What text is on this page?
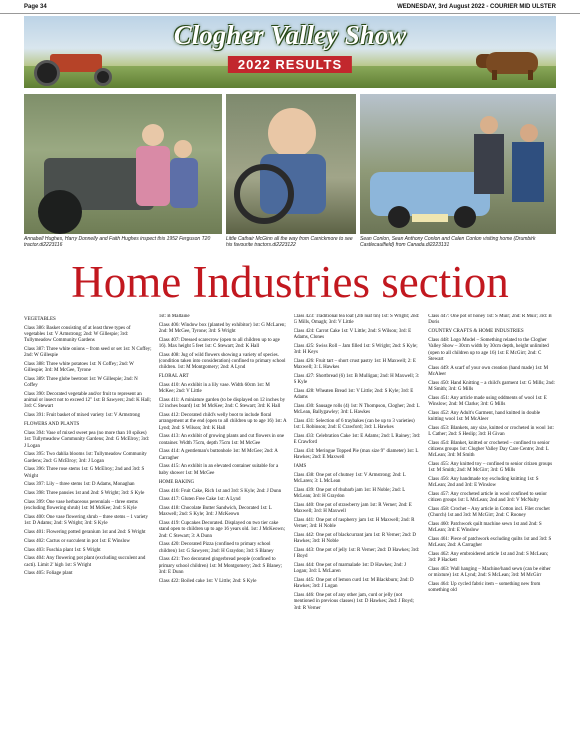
Page 34	WEDNESDAY, 3rd August 2022 - COURIER MID ULSTER
Clogher Valley Show
2022 RESULTS
Annabell Hughes, Harry Donnelly and Faith Hughes inspect this 1952 Ferguson T20 tractor.di2223116
Little Cathair McGinn all the way from Carrickmore to see his favourite tractors.di2223122
Sean Conlon, Sean Anthony Conlon and Calen Conlon visiting home (Drumbirk Castlecaulfield) from Canada.di2223131
Home Industries section

VEGETABLES

Class 386: Basket consisting of at least three types of vegetables 1st: V Armstrong; 2nd: W Gillespie; 3rd: Tullymeadow Community Gardens

Class 387: Three white onions – from seed or set 1st: N Coffey; 2nd: W Gillespie

Class 388: Three white potatoes 1st: N Coffey; 2nd: W Gillespie; 3rd: M McGee, Tyrone

Class 389: Three globe beetroot 1st: W Gillespie; 2nd: N Coffey

Class 390: Decorated vegetable and/or fruit to represent an animal or insect not to exceed 12" 1st: B Sawyers; 2nd: K Hall; 3rd: C Stewart

Class 391: Fruit basket of mixed variety 1st: V Armstrong

FLOWERS AND PLANTS

Class 394: Vase of mixed sweet pea (no more than 10 spikes) 1st: Tullymeadow Community Gardens; 2nd: G McElroy; 3rd: J Logan

Class 395: Two dahlia blooms 1st: Tullymeadow Community Gardens; 2nd: G McElroy; 3rd: J Logan

Class 396: Three rose stems 1st: G McElroy; 2nd and 3rd: S Wright

Class 397: Lily – three stems 1st: D Adams, Monaghan

Class 398: Three pansies 1st and 2nd: S Wright; 3rd: S Kyle

Class 399: One vase herbaceous perennials – three stems (excluding flowering shrub) 1st: M McKee; 2nd: S Kyle

Class 400: One vase flowering shrub – three stems – 1 variety 1st: D Adams; 2nd: S Wright; 3rd: S Kyle

Class 401: Flowering potted geranium 1st and 2nd: S Wright

Class 402: Cactus or succulent in pot 1st: E Winslow

Class 403: Fuschia plant 1st: S Wright

Class 404: Any flowering pot plant (excluding succulent and cacti). Limit 2' high 1st: S Wright

Class 405: Foliage plant

1st: B Maltaine

Class 406: Window box (planted by exhibitor) 1st: G McLaren; 2nd: M McGee, Tyrone; 3rd: S Wright

Class 407: Dressed scarecrow (open to all children up to age 16). Max height 5 feet 1st: C Stewart; 2nd: K Hall

Class 408: Jug of wild flowers showing a variety of species. (condition taken into consideration) confined to primary school children. 1st: M Montgomery; 2nd: A Lynd

FLORAL ART

Class 410: An exhibit in a lily vase. Width 60cm 1st: M McKee; 2nd: V Little

Class 411: A miniature garden (to be displayed on 12 inches by 12 inches board) 1st: M McKee; 2nd: C Stewart; 3rd: K Hall

Class 412: Decorated child's welly boot to include floral arrangement at the end (open to all children up to age 16) 1st: A Lynd; 2nd: S Wilson; 3rd: K Hall

Class 413: An exhibit of growing plants and cut flowers in one container. Width 75cm, depth 75cm 1st: M McGee

Class 414: A gentleman's buttonhole 1st: M McGee; 2nd: A Carragher

Class 415: An exhibit in an elevated container suitable for a baby shower 1st: M McGee

HOME BAKING

Class 416: Fruit Cake, Rich 1st and 3rd: S Kyle; 2nd: J Dunn

Class 417: Gluten Free Cake 1st: A Lynd

Class 418: Chocolate Butter Sandwich, Decorated 1st: L Maxwell; 2nd: S Kyle; 3rd: J McKeown

Class 419: Cupcakes Decorated. Displayed on two tier cake stand open to children up to age 16 years old. 1st: J McKeown; 2nd: C Stewart; 3: A Dunn

Class 420: Decorated Pizza (confined to primary school children) 1st: G Sawyers; 2nd: H Graydon; 3rd: S Blaney

Class 421: Two decorated gingerbread people (confined to primary school children) 1st: M Montgomery; 2nd: S Blaney; 3rd: E Dunn

Class 422: Boiled cake 1st: V Little; 2nd: S Kyle

Class 423: Traditional tea loaf (2lb loaf tin) 1st: S Wright; 2nd: G Mills, Omagh; 3rd: V Little

Class 424: Carrot Cake 1st: V Little; 2nd: S Wilson; 3rd: E Adams, Clones

Class 425: Swiss Roll – Jam filled 1st: S Wright; 2nd: S Kyle; 3rd: H Keys

Class 426: Fruit tart – short crust pastry 1st: H Maxwell; 2: E Maxwell; 3: L Hawkes

Class 427: Shortbread (6) 1st: B Mulligan; 2nd: H Maxwell; 3: S Kyle

Class 428: Wheaten Bread 1st: V Little; 2nd: S Kyle; 3rd: E Adams

Class 430: Sausage rolls (4) 1st: N Thompson, Clogher; 2nd: L McLean, Ballygawley; 3rd: L Hawkes

Class 431: Selection of 6 traybakes (can be up to 3 varieties) 1st: L Robinson; 2nd: E Crawford; 3rd: L Hawkes

Class 433: Celebration Cake 1st: E Adams; 2nd: L Rainey; 3rd: E Crawford

Class 434: Meringue Topped Pie (max size 9" diameter) 1st: L Hawkes; 2nd: E Maxwell

JAMS

Class 438: One pot of chutney 1st: V Armstrong; 2nd: L McLaren; 3: L McLean

Class 439: One pot of rhubarb jam 1st: H Noble; 2nd: L McLean; 3rd: H Graydon

Class 440: One pot of strawberry jam 1st: R Verner; 2nd: E Maxwell; 3rd: H Maxwell

Class 441: One pot of raspberry jam 1st: H Maxwell; 2nd: R Verner; 3rd: H Noble

Class 442: One pot of blackcurrant jam 1st: R Verner; 2nd: D Hawkes; 3rd: H Noble

Class 443: One pot of jelly 1st: R Verner; 2nd: D Hawkes; 3rd: J Boyd

Class 444: One pot of marmalade 1st: D Hawkes; 2nd: J Logan; 3rd: L McLaren

Class 445: One pot of lemon curd 1st: M Blackburn; 2nd: D Hawkes; 3rd: J Logan

Class 446: One pot of any other jam, curd or jelly (not mentioned in previous classes) 1st: D Hawkes; 2nd: J Boyd; 3rd: R Verner

Class 447: One pot of honey 1st: S Muir; 2nd: R Muir; 3rd: B Doris

COUNTRY CRAFTS & HOME INDUSTRIES

Class 448: Logo Model – Something related to the Clogher Valley Show – 30cm width by 30cm depth, height unlimited (open to all children up to age 16) 1st: E McGirr; 2nd: C Stewart

Class 449: A scarf of your own creation (hand made) 1st: M McAleer

Class 450: Hand Knitting – a child's garment 1st: G Mills; 2nd: M Smith; 3rd: G Mills

Class 451: Any article made using oddments of wool 1st: E Winslow; 2nd: M Clarke; 3rd: G Mills

Class 452: Any Adult's Garment, hand knitted in double knitting wool 1st: M McAleer

Class 453: Blankets, any size, knitted or crocheted in wool 1st: L Cather; 2nd: S Heslip; 3rd: H Givan

Class 454: Blanket, knitted or crocheted – confined to senior citizens groups 1st: Clogher Valley Day Care Centre; 2nd: L McLean; 3rd: M Smith

Class 455: Any knitted toy – confined to senior citizen groups 1st: M Smith; 2nd: M McGirr; 3rd: G Mills

Class 456: Any handmade toy excluding knitting 1st: S McLean; 2nd and 3rd: E Winslow

Class 457: Any crocheted article in wool confined to senior citizen groups 1st: L McLean; 2nd and 3rd: V McNulty

Class 458: Crochet – Any article in Cotton incl. Filet crochet (Church) 1st and 3rd: M McGirr; 2nd: C Rooney

Class 460: Patchwork quilt machine sewn 1st and 2nd: S McLean; 3rd: E Winslow

Class 461: Piece of patchwork excluding quilts 1st and 3rd: S McLean; 2nd: A Carragher

Class 462: Any embroidered article 1st and 2nd: S McLean; 3rd: P Hackett

Class 463: Wall hanging – Machine/hand sewn (can be either or mixture) 1st: A Lynd; 2nd: S McLean; 3rd: M McGirr

Class 464: Up cycled fabric item – something new from something old
